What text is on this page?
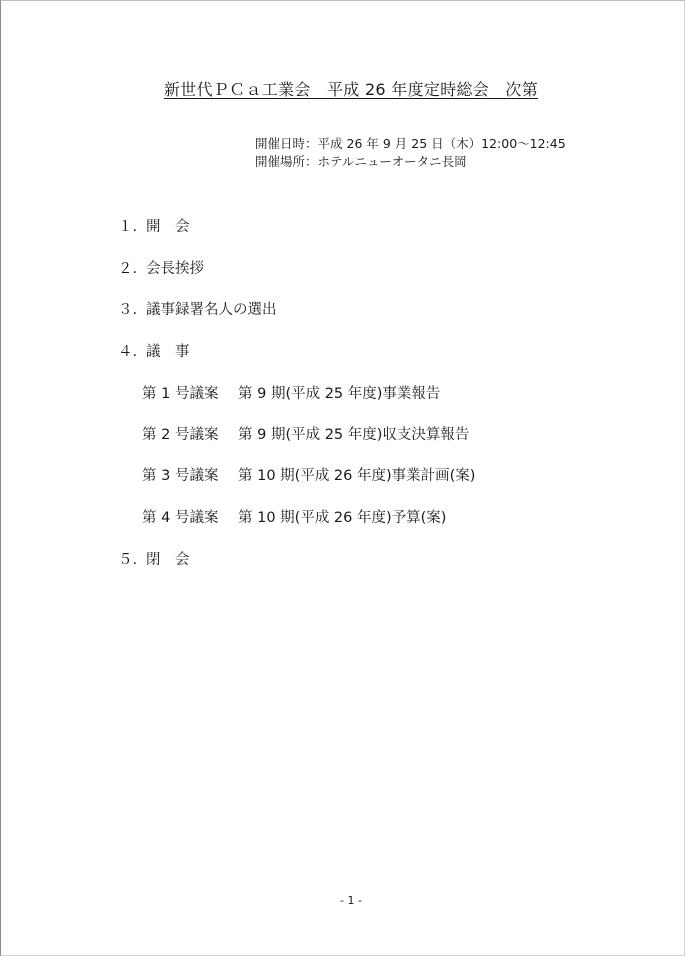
新世代ＰＣａ工業会　平成 26 年度定時総会　次第
開催日時：平成 26 年 9 月 25 日（木）12:00～12:45
開催場所：ホテルニューオータニ長岡
１. 開　会
２. 会長挨拶
３. 議事録署名人の選出
４. 議　事
第 1 号議案 第 9 期(平成 25 年度)事業報告
第 2 号議案 第 9 期(平成 25 年度)収支決算報告
第 3 号議案 第 10 期(平成 26 年度)事業計画(案)
第 4 号議案 第 10 期(平成 26 年度)予算(案)
５. 閉　会
- 1 -
